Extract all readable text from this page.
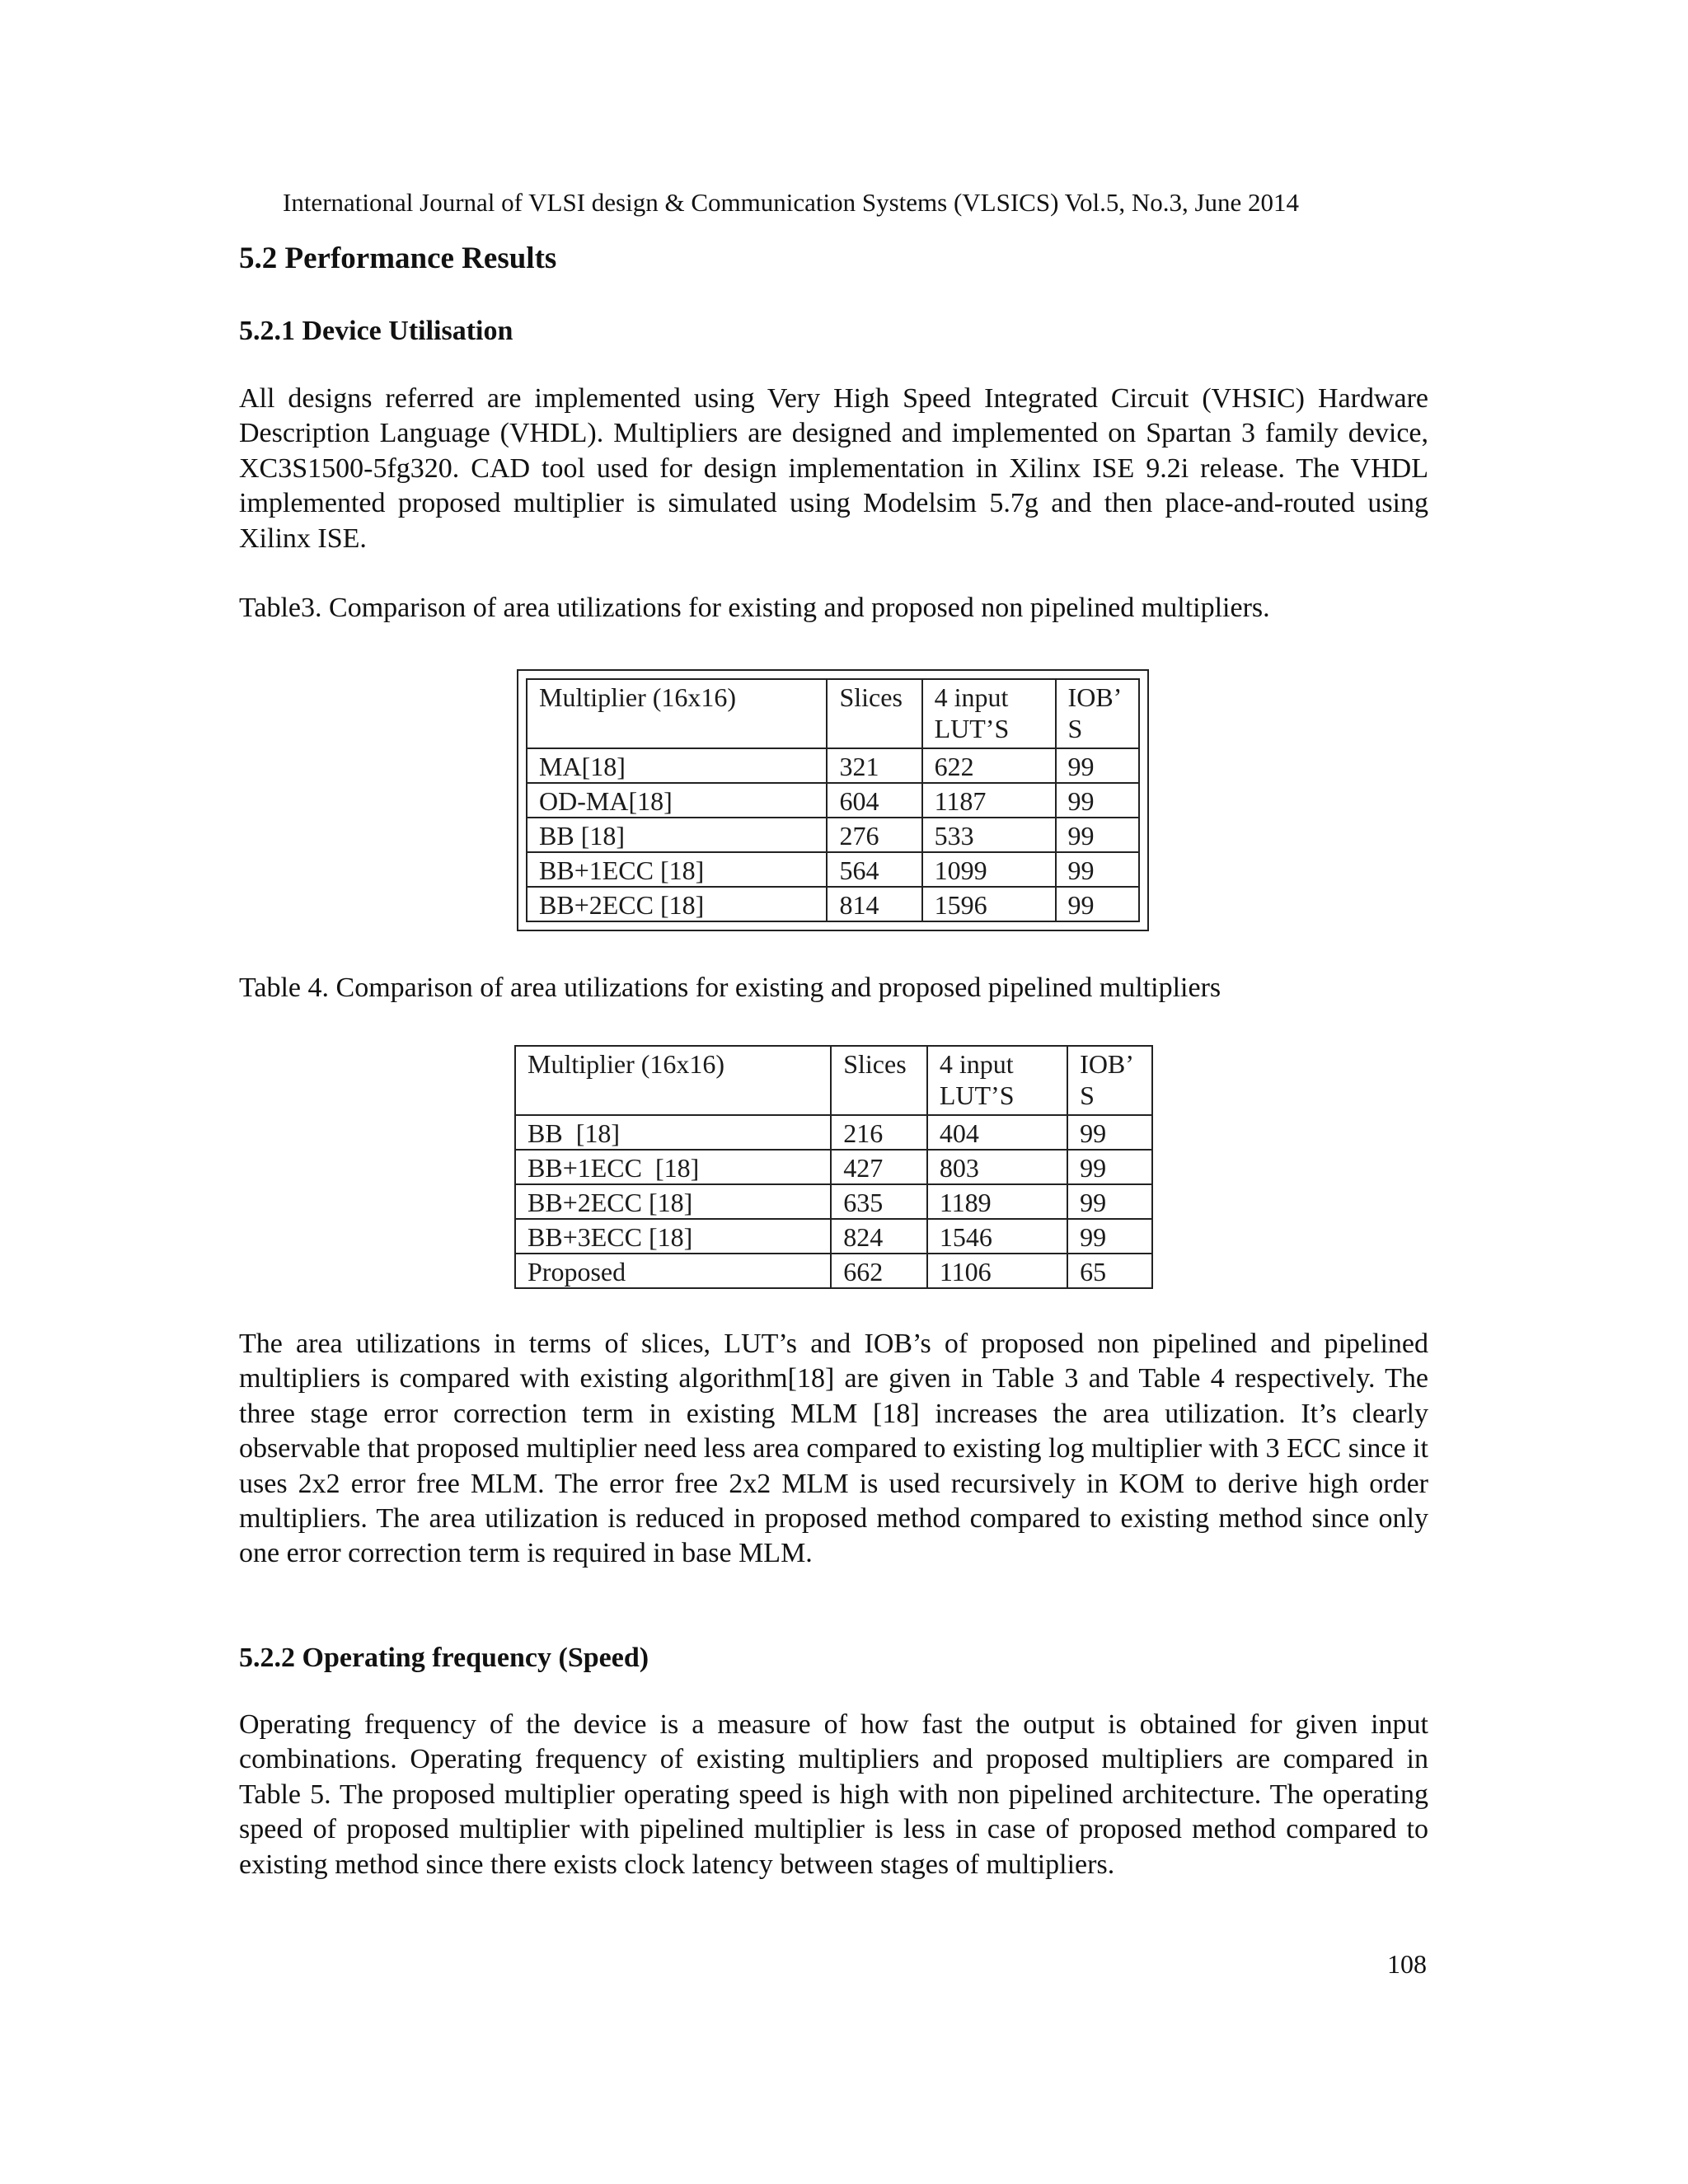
International Journal of VLSI design & Communication Systems (VLSICS) Vol.5, No.3, June 2014
5.2 Performance Results
5.2.1 Device Utilisation

All designs referred are implemented using Very High Speed Integrated Circuit (VHSIC) Hardware Description Language (VHDL). Multipliers are designed and implemented on Spartan 3 family device, XC3S1500-5fg320. CAD tool used for design implementation in Xilinx ISE 9.2i release. The VHDL implemented proposed multiplier is simulated using Modelsim 5.7g and then place-and-routed using Xilinx ISE.

Table3. Comparison of area utilizations for existing and proposed non pipelined multipliers.

Multiplier (16x16)	Slices	4 input LUT’S	IOB’ S
MA[18]	321	622	99
OD-MA[18]	604	1187	99
BB [18]	276	533	99
BB+1ECC [18]	564	1099	99
BB+2ECC [18]	814	1596	99

Table 4. Comparison of area utilizations for existing and proposed pipelined multipliers

Multiplier (16x16)	Slices	4 input LUT’S	IOB’ S
BB  [18]	216	404	99
BB+1ECC  [18]	427	803	99
BB+2ECC [18]	635	1189	99
BB+3ECC [18]	824	1546	99
Proposed	662	1106	65

The area utilizations in terms of slices, LUT’s and IOB’s of proposed non pipelined and pipelined multipliers is compared with existing algorithm[18] are given in Table 3 and Table 4 respectively. The three stage error correction term in existing MLM [18] increases the area utilization. It’s clearly observable that proposed multiplier need less area compared to existing log multiplier with 3 ECC since it uses 2x2 error free MLM. The error free 2x2 MLM is used recursively in KOM to derive high order multipliers. The area utilization is reduced in proposed method compared to existing method since only one error correction term is required in base MLM.

5.2.2 Operating frequency (Speed)

Operating frequency of the device is a measure of how fast the output is obtained for given input combinations. Operating frequency of existing multipliers and proposed multipliers are compared in Table 5. The proposed multiplier operating speed is high with non pipelined architecture. The operating speed of proposed multiplier with pipelined multiplier is less in case of proposed method compared to existing method since there exists clock latency between stages of multipliers.

108
